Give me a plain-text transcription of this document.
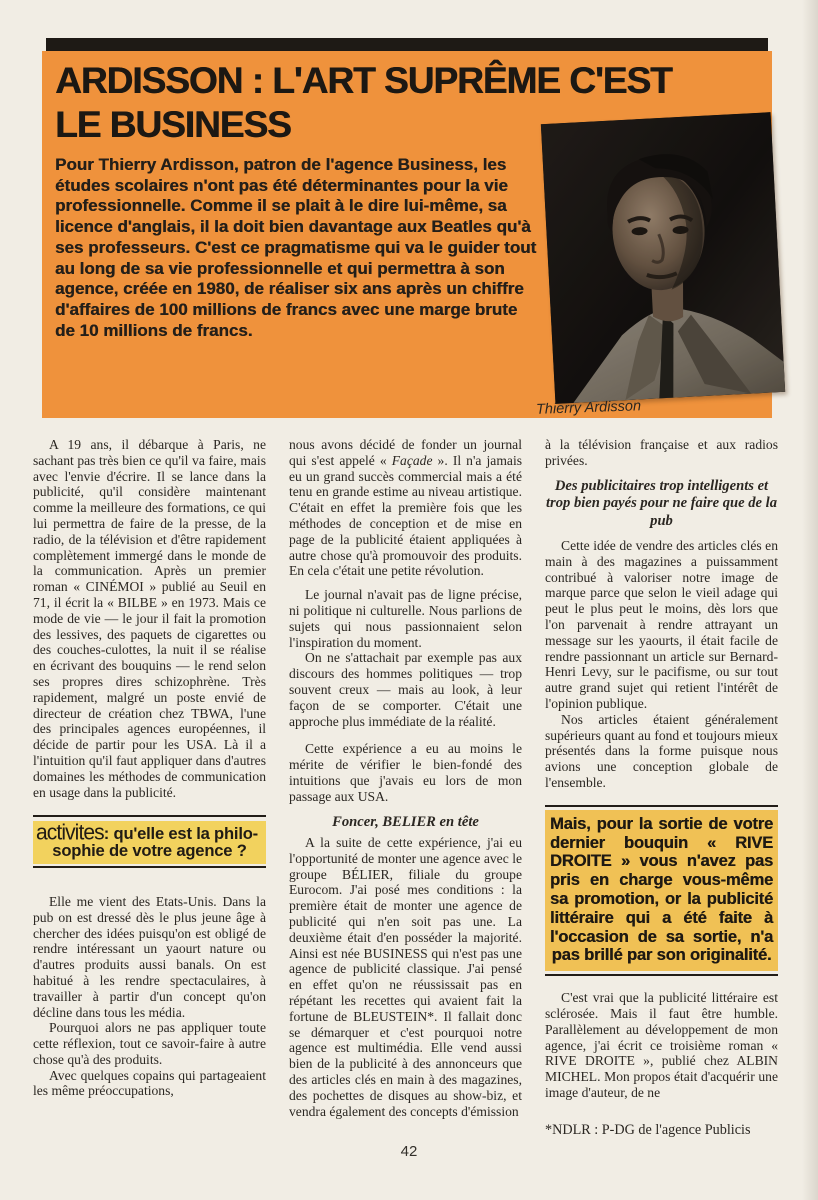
ARDISSON : L'ART SUPRÊME C'EST
LE BUSINESS
Pour Thierry Ardisson, patron de l'agence Business, les études scolaires n'ont pas été déterminantes pour la vie professionnelle. Comme il se plait à le dire lui-même, sa licence d'anglais, il la doit bien davantage aux Beatles qu'à ses professeurs. C'est ce pragmatisme qui va le guider tout au long de sa vie professionnelle et qui permettra à son agence, créée en 1980, de réaliser six ans après un chiffre d'affaires de 100 millions de francs avec une marge brute de 10 millions de francs.
Thierry Ardisson

A 19 ans, il débarque à Paris, ne sachant pas très bien ce qu'il va faire, mais avec l'envie d'écrire. Il se lance dans la publicité, qu'il considère maintenant comme la meilleure des formations, ce qui lui permettra de faire de la presse, de la radio, de la télévision et d'être rapidement complètement immergé dans le monde de la communication. Après un premier roman « CINÉMOI » publié au Seuil en 71, il écrit la « BILBE » en 1973. Mais ce mode de vie — le jour il fait la promotion des lessives, des paquets de cigarettes ou des couches-culottes, la nuit il se réalise en écrivant des bouquins — le rend selon ses propres dires schizophrène. Très rapidement, malgré un poste envié de directeur de création chez TBWA, l'une des principales agences européennes, il décide de partir pour les USA. Là il a l'intuition qu'il faut appliquer dans d'autres domaines les méthodes de communication en usage dans la publicité.

activites: qu'elle est la philo-
sophie de votre agence ?

Elle me vient des Etats-Unis. Dans la pub on est dressé dès le plus jeune âge à chercher des idées puisqu'on est obligé de rendre intéressant un yaourt nature ou d'autres produits aussi banals. On est habitué à les rendre spectaculaires, à travailler à partir d'un concept qu'on décline dans tous les média.

Pourquoi alors ne pas appliquer toute cette réflexion, tout ce savoir-faire à autre chose qu'à des produits.

Avec quelques copains qui partageaient les même préoccupations,

nous avons décidé de fonder un journal qui s'est appelé « Façade ». Il n'a jamais eu un grand succès commercial mais a été tenu en grande estime au niveau artistique. C'était en effet la première fois que les méthodes de conception et de mise en page de la publicité étaient appliquées à autre chose qu'à promouvoir des produits. En cela c'était une petite révolution.

Le journal n'avait pas de ligne précise, ni politique ni culturelle. Nous parlions de sujets qui nous passionnaient selon l'inspiration du moment.

On ne s'attachait par exemple pas aux discours des hommes politiques — trop souvent creux — mais au look, à leur façon de se comporter. C'était une approche plus immédiate de la réalité.

Cette expérience a eu au moins le mérite de vérifier le bien-fondé des intuitions que j'avais eu lors de mon passage aux USA.

Foncer, BELIER en tête

A la suite de cette expérience, j'ai eu l'opportunité de monter une agence avec le groupe BÉLIER, filiale du groupe Eurocom. J'ai posé mes conditions : la première était de monter une agence de publicité qui n'en soit pas une. La deuxième était d'en posséder la majorité. Ainsi est née BUSINESS qui n'est pas une agence de publicité classique. J'ai pensé en effet qu'on ne réussissait pas en répétant les recettes qui avaient fait la fortune de BLEUSTEIN*. Il fallait donc se démarquer et c'est pourquoi notre agence est multimédia. Elle vend aussi bien de la publicité à des annonceurs que des articles clés en main à des magazines, des pochettes de disques au show-biz, et vendra également des concepts d'émission

à la télévision française et aux radios privées.

Des publicitaires trop intelligents et trop bien payés pour ne faire que de la pub

Cette idée de vendre des articles clés en main à des magazines a puissamment contribué à valoriser notre image de marque parce que selon le vieil adage qui peut le plus peut le moins, dès lors que l'on parvenait à rendre attrayant un message sur les yaourts, il était facile de rendre passionnant un article sur Bernard-Henri Levy, sur le pacifisme, ou sur tout autre grand sujet qui retient l'intérêt de l'opinion publique.

Nos articles étaient généralement supérieurs quant au fond et toujours mieux présentés dans la forme puisque nous avions une conception globale de l'ensemble.

Mais, pour la sortie de votre dernier bouquin « RIVE DROITE » vous n'avez pas pris en charge vous-même sa promotion, or la publicité littéraire qui a été faite à l'occasion de sa sortie, n'a pas brillé par son originalité.

C'est vrai que la publicité littéraire est sclérosée. Mais il faut être humble. Parallèlement au développement de mon agence, j'ai écrit ce troisième roman « RIVE DROITE », publié chez ALBIN MICHEL. Mon propos était d'acquérir une image d'auteur, de ne

*NDLR : P-DG de l'agence Publicis

42
